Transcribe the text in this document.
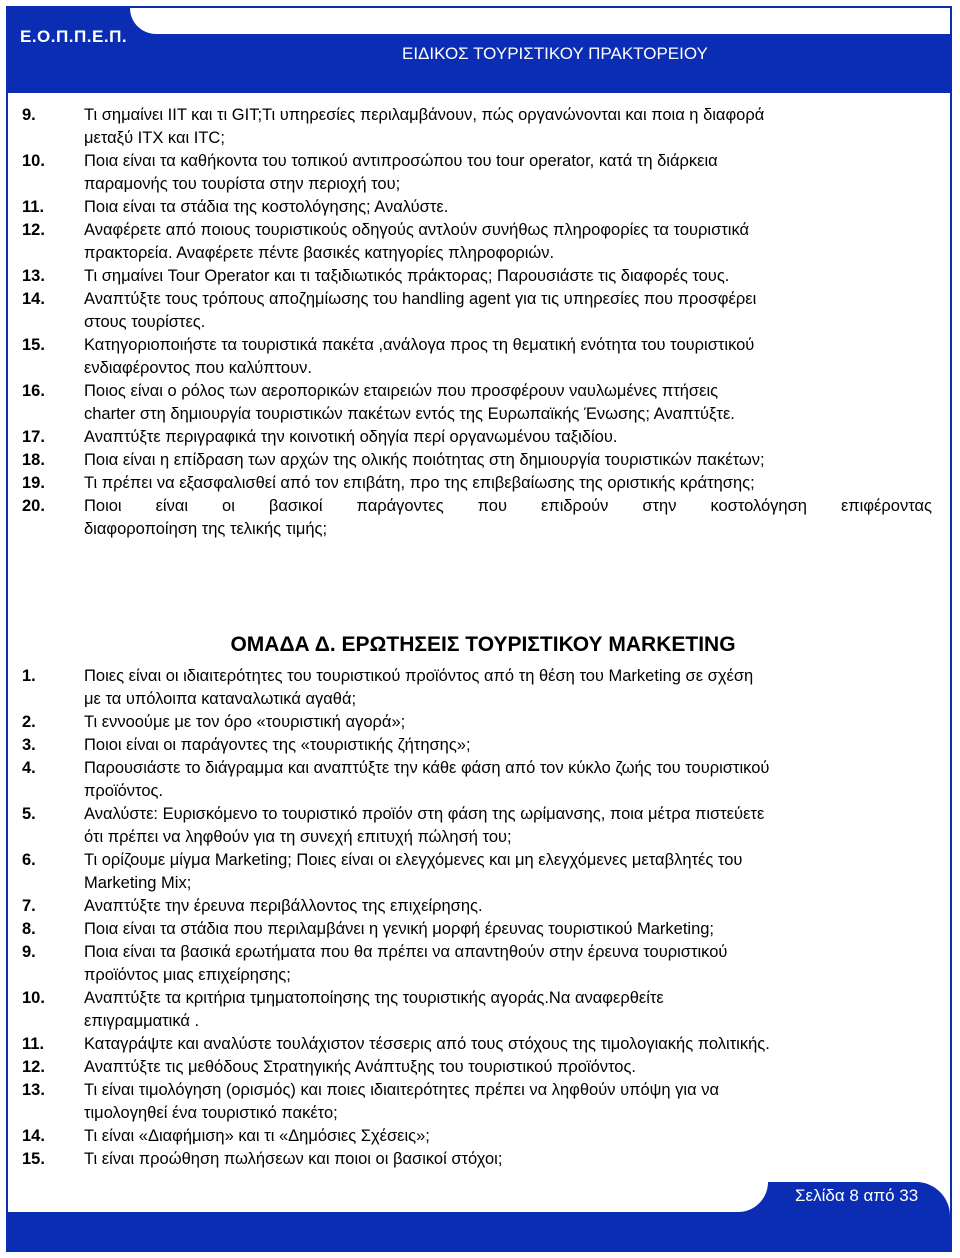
Ε.Ο.Π.Π.Ε.Π.
ΕΙΔΙΚΟΣ ΤΟΥΡΙΣΤΙΚΟΥ ΠΡΑΚΤΟΡΕΙΟΥ
9.	Τι σημαίνει ΙΙΤ και τι GIT;Τι υπηρεσίες περιλαμβάνουν, πώς οργανώνονται και ποια η διαφορά
μεταξύ ΙΤΧ και ΙΤC;
10.	Ποια είναι τα καθήκοντα του τοπικού αντιπροσώπου του tour operator, κατά τη διάρκεια
παραμονής του τουρίστα στην περιοχή του;
11.	Ποια είναι τα στάδια της κοστολόγησης; Αναλύστε.
12.	Αναφέρετε από ποιους τουριστικούς οδηγούς αντλούν συνήθως πληροφορίες τα τουριστικά
πρακτορεία. Αναφέρετε πέντε βασικές κατηγορίες πληροφοριών.
13.	Τι σημαίνει Tour Operator και τι ταξιδιωτικός πράκτορας; Παρουσιάστε τις διαφορές τους.
14.	Αναπτύξτε τους τρόπους αποζημίωσης του handling agent για τις υπηρεσίες που προσφέρει
στους τουρίστες.
15.	Κατηγοριοποιήστε τα τουριστικά πακέτα ,ανάλογα προς τη θεματική ενότητα του τουριστικού
ενδιαφέροντος που καλύπτουν.
16.	Ποιος είναι ο ρόλος των αεροπορικών εταιρειών που προσφέρουν ναυλωμένες πτήσεις
charter στη δημιουργία τουριστικών πακέτων εντός της Ευρωπαϊκής Ένωσης; Αναπτύξτε.
17.	Αναπτύξτε περιγραφικά την κοινοτική οδηγία περί οργανωμένου ταξιδίου.
18.	Ποια είναι η επίδραση των αρχών της ολικής ποιότητας στη δημιουργία τουριστικών πακέτων;
19.	Τι πρέπει να εξασφαλισθεί από τον επιβάτη, προ της επιβεβαίωσης της οριστικής κράτησης;
20.	Ποιοι είναι οι βασικοί παράγοντες που επιδρούν στην κοστολόγηση επιφέροντας
διαφοροποίηση της τελικής τιμής;
ΟΜΑΔΑ Δ. ΕΡΩΤΗΣΕΙΣ ΤΟΥΡΙΣΤΙΚΟΥ MARKETING
1.	Ποιες είναι οι ιδιαιτερότητες του τουριστικού προϊόντος από τη θέση του Marketing σε σχέση
με τα υπόλοιπα καταναλωτικά αγαθά;
2.	Τι εννοούμε με τον όρο «τουριστική αγορά»;
3.	Ποιοι είναι οι παράγοντες της «τουριστικής ζήτησης»;
4.	Παρουσιάστε το διάγραμμα και αναπτύξτε την κάθε φάση από τον κύκλο ζωής του τουριστικού
προϊόντος.
5.	Αναλύστε: Ευρισκόμενο το τουριστικό προϊόν στη φάση της ωρίμανσης, ποια μέτρα πιστεύετε
ότι πρέπει να ληφθούν για τη συνεχή επιτυχή πώλησή του;
6.	Τι ορίζουμε μίγμα Marketing; Ποιες είναι οι ελεγχόμενες και μη ελεγχόμενες μεταβλητές του
Marketing Mix;
7.	Αναπτύξτε την έρευνα περιβάλλοντος της επιχείρησης.
8.	Ποια είναι τα στάδια που περιλαμβάνει η γενική μορφή έρευνας τουριστικού Marketing;
9.	Ποια είναι τα βασικά ερωτήματα που θα πρέπει να απαντηθούν στην έρευνα τουριστικού
προϊόντος μιας επιχείρησης;
10.	Αναπτύξτε τα κριτήρια τμηματοποίησης της τουριστικής αγοράς.Να αναφερθείτε
επιγραμματικά .
11.	Καταγράψτε και αναλύστε τουλάχιστον τέσσερις από τους στόχους της τιμολογιακής πολιτικής.
12.	Αναπτύξτε τις μεθόδους Στρατηγικής Ανάπτυξης του τουριστικού προϊόντος.
13.	Τι είναι τιμολόγηση (ορισμός) και ποιες ιδιαιτερότητες πρέπει να ληφθούν υπόψη για να
τιμολογηθεί ένα τουριστικό πακέτο;
14.	Τι είναι «Διαφήμιση» και τι «Δημόσιες Σχέσεις»;
15.	Τι είναι προώθηση πωλήσεων και ποιοι οι βασικοί στόχοι;
Σελίδα 8 από 33
